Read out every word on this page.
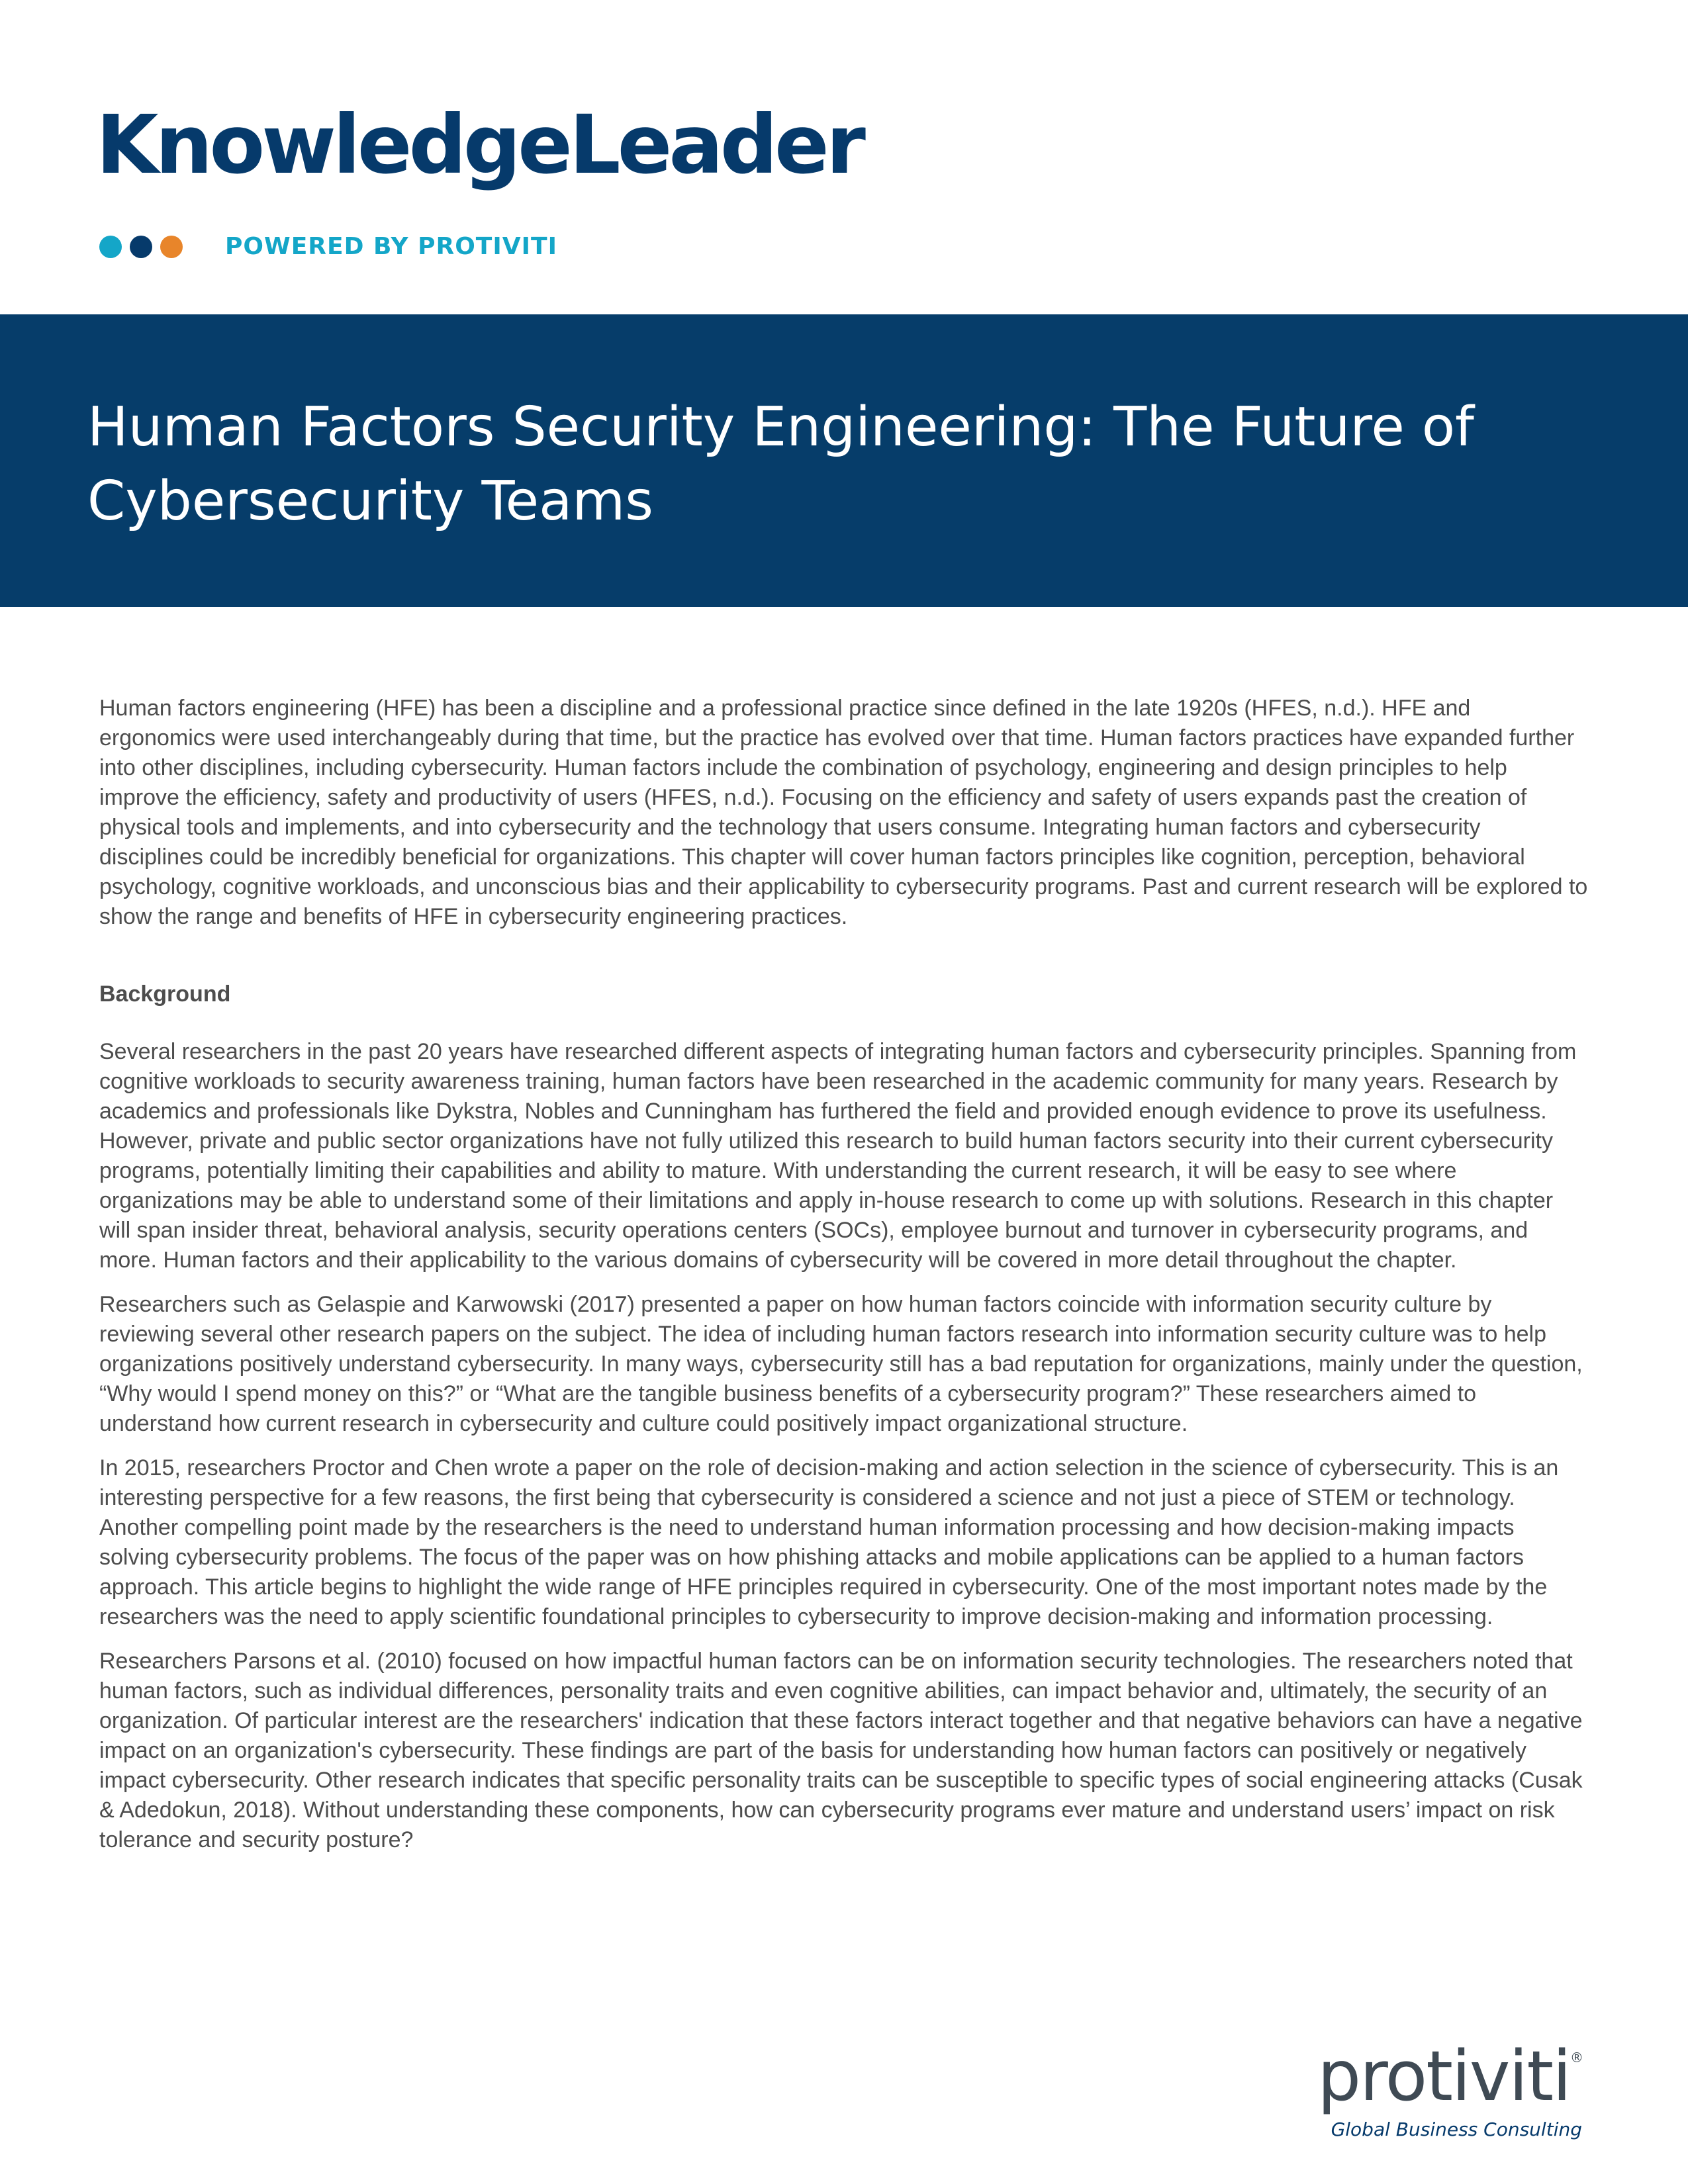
KnowledgeLeader
POWERED BY PROTIVITI
Human Factors Security Engineering: The Future of Cybersecurity Teams

Human factors engineering (HFE) has been a discipline and a professional practice since defined in the late 1920s (HFES, n.d.). HFE and ergonomics were used interchangeably during that time, but the practice has evolved over that time. Human factors practices have expanded further into other disciplines, including cybersecurity. Human factors include the combination of psychology, engineering and design principles to help improve the efficiency, safety and productivity of users (HFES, n.d.). Focusing on the efficiency and safety of users expands past the creation of physical tools and implements, and into cybersecurity and the technology that users consume. Integrating human factors and cybersecurity disciplines could be incredibly beneficial for organizations. This chapter will cover human factors principles like cognition, perception, behavioral psychology, cognitive workloads, and unconscious bias and their applicability to cybersecurity programs. Past and current research will be explored to show the range and benefits of HFE in cybersecurity engineering practices.

Background

Several researchers in the past 20 years have researched different aspects of integrating human factors and cybersecurity principles. Spanning from cognitive workloads to security awareness training, human factors have been researched in the academic community for many years. Research by academics and professionals like Dykstra, Nobles and Cunningham has furthered the field and provided enough evidence to prove its usefulness. However, private and public sector organizations have not fully utilized this research to build human factors security into their current cybersecurity programs, potentially limiting their capabilities and ability to mature. With understanding the current research, it will be easy to see where organizations may be able to understand some of their limitations and apply in-house research to come up with solutions. Research in this chapter will span insider threat, behavioral analysis, security operations centers (SOCs), employee burnout and turnover in cybersecurity programs, and more. Human factors and their applicability to the various domains of cybersecurity will be covered in more detail throughout the chapter.

Researchers such as Gelaspie and Karwowski (2017) presented a paper on how human factors coincide with information security culture by reviewing several other research papers on the subject. The idea of including human factors research into information security culture was to help organizations positively understand cybersecurity. In many ways, cybersecurity still has a bad reputation for organizations, mainly under the question, “Why would I spend money on this?” or “What are the tangible business benefits of a cybersecurity program?” These researchers aimed to understand how current research in cybersecurity and culture could positively impact organizational structure.

In 2015, researchers Proctor and Chen wrote a paper on the role of decision-making and action selection in the science of cybersecurity. This is an interesting perspective for a few reasons, the first being that cybersecurity is considered a science and not just a piece of STEM or technology. Another compelling point made by the researchers is the need to understand human information processing and how decision-making impacts solving cybersecurity problems. The focus of the paper was on how phishing attacks and mobile applications can be applied to a human factors approach. This article begins to highlight the wide range of HFE principles required in cybersecurity. One of the most important notes made by the researchers was the need to apply scientific foundational principles to cybersecurity to improve decision-making and information processing.

Researchers Parsons et al. (2010) focused on how impactful human factors can be on information security technologies. The researchers noted that human factors, such as individual differences, personality traits and even cognitive abilities, can impact behavior and, ultimately, the security of an organization. Of particular interest are the researchers' indication that these factors interact together and that negative behaviors can have a negative impact on an organization's cybersecurity. These findings are part of the basis for understanding how human factors can positively or negatively impact cybersecurity. Other research indicates that specific personality traits can be susceptible to specific types of social engineering attacks (Cusak & Adedokun, 2018). Without understanding these components, how can cybersecurity programs ever mature and understand users’ impact on risk tolerance and security posture?

protiviti®
Global Business Consulting
